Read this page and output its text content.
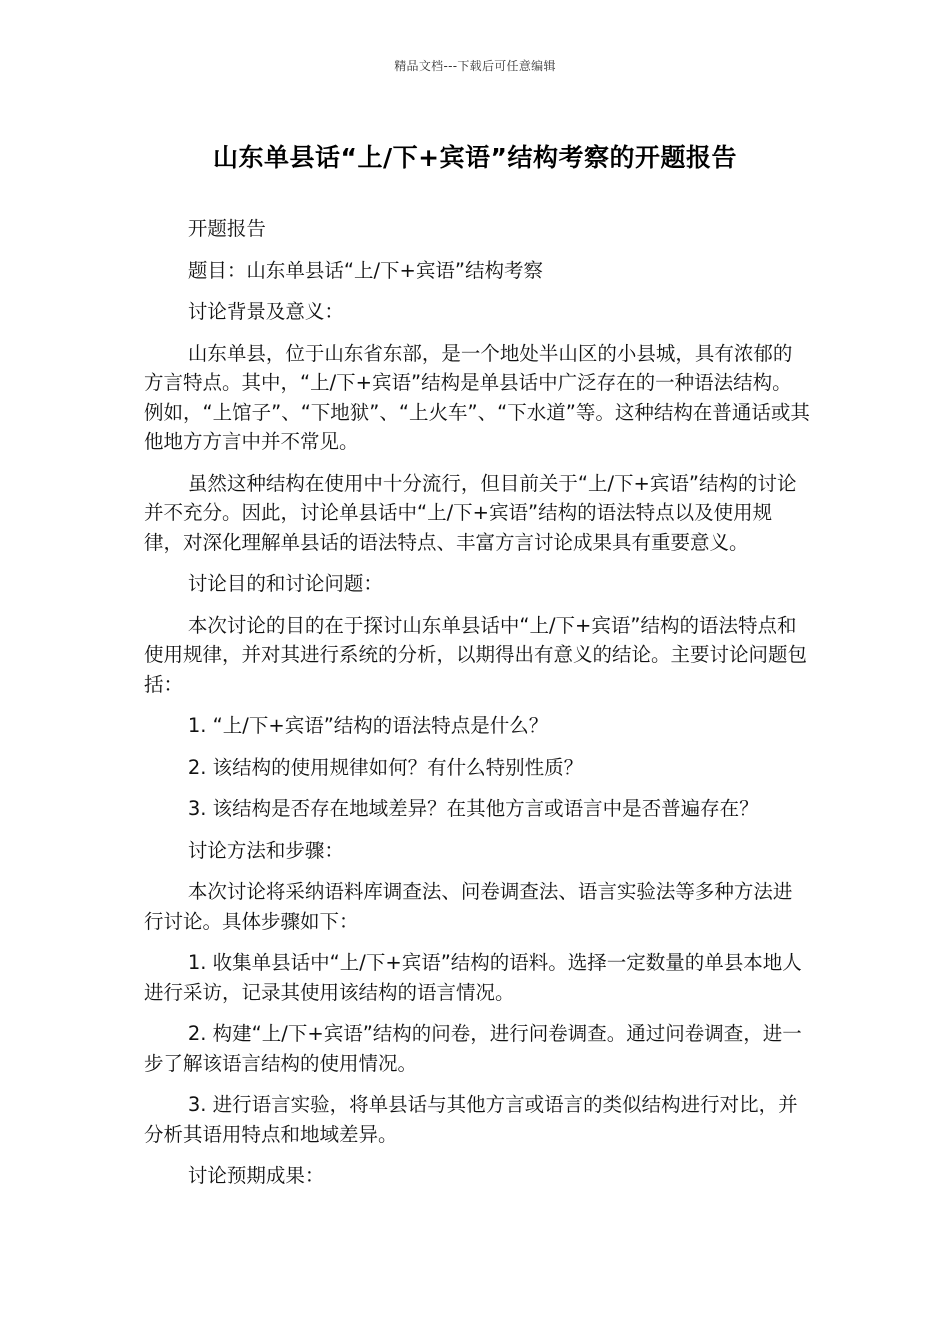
精品文档---下载后可任意编辑
山东单县话“上/下+宾语”结构考察的开题报告

开题报告

题目：山东单县话“上/下+宾语”结构考察

讨论背景及意义：

山东单县，位于山东省东部，是一个地处半山区的小县城，具有浓郁的方言特点。其中，“上/下+宾语”结构是单县话中广泛存在的一种语法结构。例如，“上馆子”、“下地狱”、“上火车”、“下水道”等。这种结构在普通话或其他地方方言中并不常见。

虽然这种结构在使用中十分流行，但目前关于“上/下+宾语”结构的讨论并不充分。因此，讨论单县话中“上/下+宾语”结构的语法特点以及使用规律，对深化理解单县话的语法特点、丰富方言讨论成果具有重要意义。

讨论目的和讨论问题：

本次讨论的目的在于探讨山东单县话中“上/下+宾语”结构的语法特点和使用规律，并对其进行系统的分析，以期得出有意义的结论。主要讨论问题包括：

1. “上/下+宾语”结构的语法特点是什么？

2. 该结构的使用规律如何？有什么特别性质？

3. 该结构是否存在地域差异？在其他方言或语言中是否普遍存在？

讨论方法和步骤：

本次讨论将采纳语料库调查法、问卷调查法、语言实验法等多种方法进行讨论。具体步骤如下：

1. 收集单县话中“上/下+宾语”结构的语料。选择一定数量的单县本地人进行采访，记录其使用该结构的语言情况。

2. 构建“上/下+宾语”结构的问卷，进行问卷调查。通过问卷调查，进一步了解该语言结构的使用情况。

3. 进行语言实验，将单县话与其他方言或语言的类似结构进行对比，并分析其语用特点和地域差异。

讨论预期成果：
